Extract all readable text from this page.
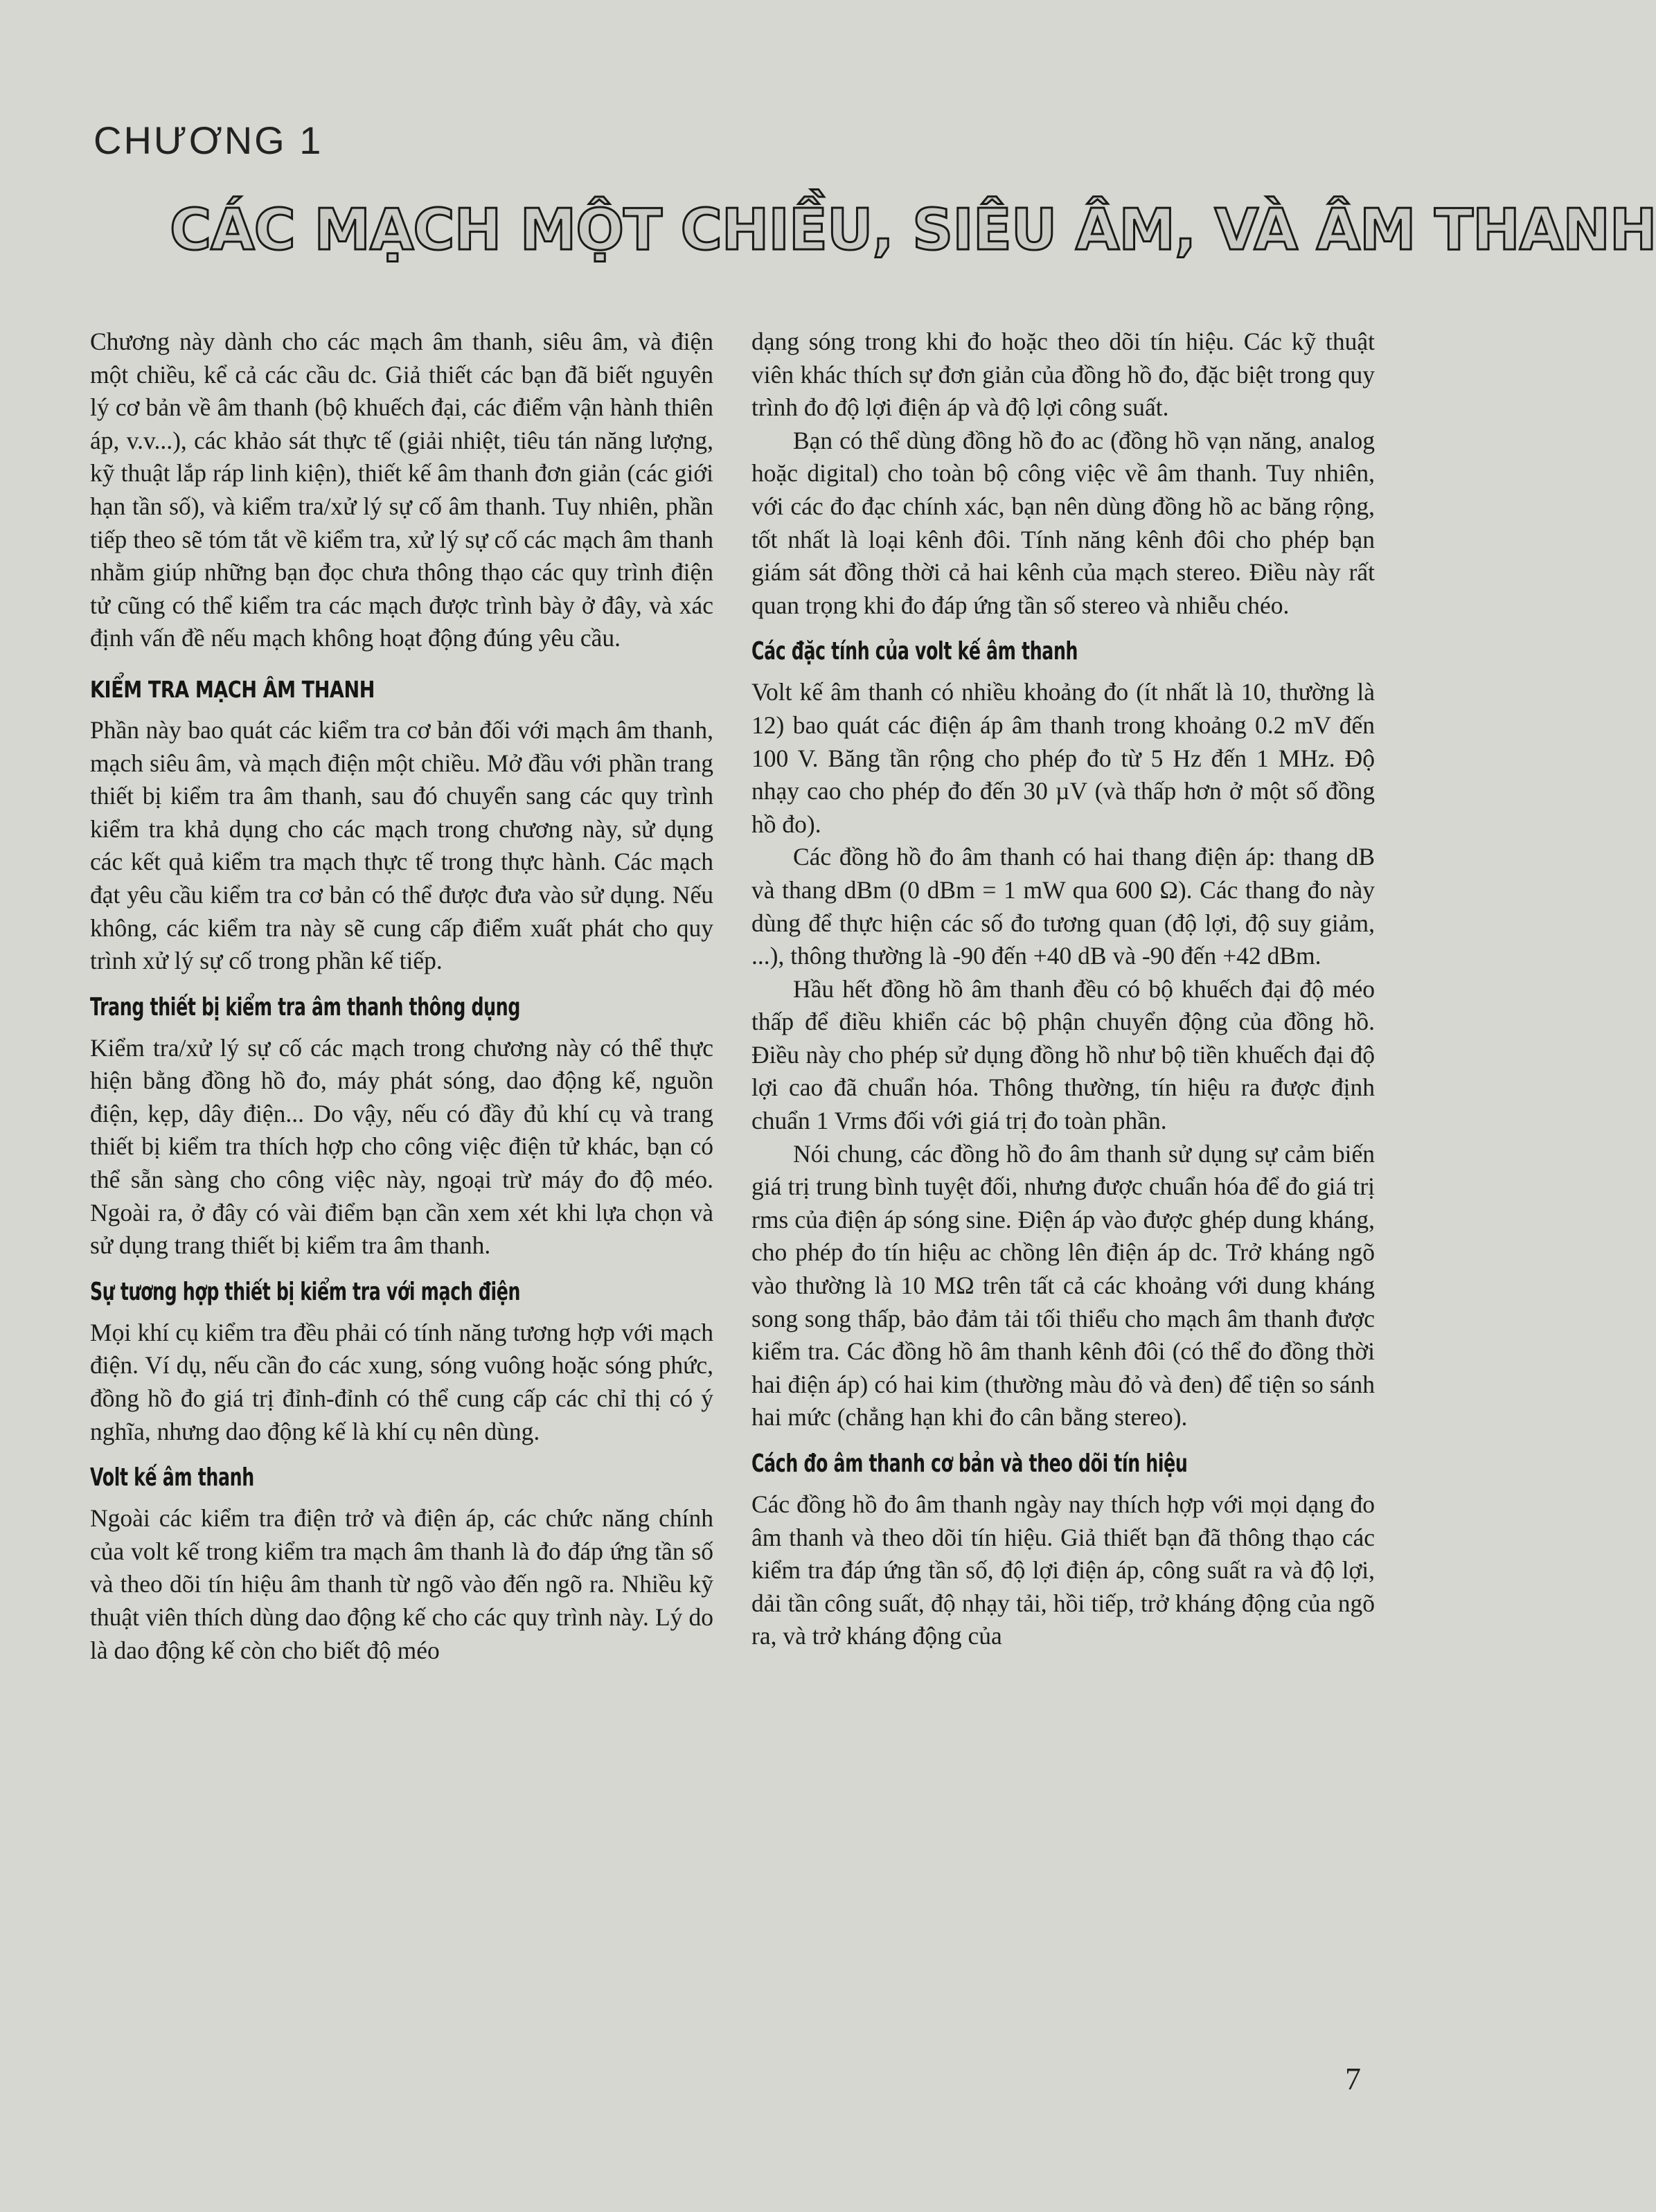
CHƯƠNG 1
CÁC MẠCH MỘT CHIỀU, SIÊU ÂM, VÀ ÂM THANH

Chương này dành cho các mạch âm thanh, siêu âm, và điện một chiều, kể cả các cầu dc. Giả thiết các bạn đã biết nguyên lý cơ bản về âm thanh (bộ khuếch đại, các điểm vận hành thiên áp, v.v...), các khảo sát thực tế (giải nhiệt, tiêu tán năng lượng, kỹ thuật lắp ráp linh kiện), thiết kế âm thanh đơn giản (các giới hạn tần số), và kiểm tra/xử lý sự cố âm thanh. Tuy nhiên, phần tiếp theo sẽ tóm tắt về kiểm tra, xử lý sự cố các mạch âm thanh nhằm giúp những bạn đọc chưa thông thạo các quy trình điện tử cũng có thể kiểm tra các mạch được trình bày ở đây, và xác định vấn đề nếu mạch không hoạt động đúng yêu cầu.

KIỂM TRA MẠCH ÂM THANH

Phần này bao quát các kiểm tra cơ bản đối với mạch âm thanh, mạch siêu âm, và mạch điện một chiều. Mở đầu với phần trang thiết bị kiểm tra âm thanh, sau đó chuyển sang các quy trình kiểm tra khả dụng cho các mạch trong chương này, sử dụng các kết quả kiểm tra mạch thực tế trong thực hành. Các mạch đạt yêu cầu kiểm tra cơ bản có thể được đưa vào sử dụng. Nếu không, các kiểm tra này sẽ cung cấp điểm xuất phát cho quy trình xử lý sự cố trong phần kế tiếp.

Trang thiết bị kiểm tra âm thanh thông dụng

Kiểm tra/xử lý sự cố các mạch trong chương này có thể thực hiện bằng đồng hồ đo, máy phát sóng, dao động kế, nguồn điện, kẹp, dây điện... Do vậy, nếu có đầy đủ khí cụ và trang thiết bị kiểm tra thích hợp cho công việc điện tử khác, bạn có thể sẵn sàng cho công việc này, ngoại trừ máy đo độ méo. Ngoài ra, ở đây có vài điểm bạn cần xem xét khi lựa chọn và sử dụng trang thiết bị kiểm tra âm thanh.

Sự tương hợp thiết bị kiểm tra với mạch điện

Mọi khí cụ kiểm tra đều phải có tính năng tương hợp với mạch điện. Ví dụ, nếu cần đo các xung, sóng vuông hoặc sóng phức, đồng hồ đo giá trị đỉnh-đỉnh có thể cung cấp các chỉ thị có ý nghĩa, nhưng dao động kế là khí cụ nên dùng.

Volt kế âm thanh

Ngoài các kiểm tra điện trở và điện áp, các chức năng chính của volt kế trong kiểm tra mạch âm thanh là đo đáp ứng tần số và theo dõi tín hiệu âm thanh từ ngõ vào đến ngõ ra. Nhiều kỹ thuật viên thích dùng dao động kế cho các quy trình này. Lý do là dao động kế còn cho biết độ méo

dạng sóng trong khi đo hoặc theo dõi tín hiệu. Các kỹ thuật viên khác thích sự đơn giản của đồng hồ đo, đặc biệt trong quy trình đo độ lợi điện áp và độ lợi công suất.

Bạn có thể dùng đồng hồ đo ac (đồng hồ vạn năng, analog hoặc digital) cho toàn bộ công việc về âm thanh. Tuy nhiên, với các đo đạc chính xác, bạn nên dùng đồng hồ ac băng rộng, tốt nhất là loại kênh đôi. Tính năng kênh đôi cho phép bạn giám sát đồng thời cả hai kênh của mạch stereo. Điều này rất quan trọng khi đo đáp ứng tần số stereo và nhiễu chéo.

Các đặc tính của volt kế âm thanh

Volt kế âm thanh có nhiều khoảng đo (ít nhất là 10, thường là 12) bao quát các điện áp âm thanh trong khoảng 0.2 mV đến 100 V. Băng tần rộng cho phép đo từ 5 Hz đến 1 MHz. Độ nhạy cao cho phép đo đến 30 µV (và thấp hơn ở một số đồng hồ đo).

Các đồng hồ đo âm thanh có hai thang điện áp: thang dB và thang dBm (0 dBm = 1 mW qua 600 Ω). Các thang đo này dùng để thực hiện các số đo tương quan (độ lợi, độ suy giảm, ...), thông thường là -90 đến +40 dB và -90 đến +42 dBm.

Hầu hết đồng hồ âm thanh đều có bộ khuếch đại độ méo thấp để điều khiển các bộ phận chuyển động của đồng hồ. Điều này cho phép sử dụng đồng hồ như bộ tiền khuếch đại độ lợi cao đã chuẩn hóa. Thông thường, tín hiệu ra được định chuẩn 1 Vrms đối với giá trị đo toàn phần.

Nói chung, các đồng hồ đo âm thanh sử dụng sự cảm biến giá trị trung bình tuyệt đối, nhưng được chuẩn hóa để đo giá trị rms của điện áp sóng sine. Điện áp vào được ghép dung kháng, cho phép đo tín hiệu ac chồng lên điện áp dc. Trở kháng ngõ vào thường là 10 MΩ trên tất cả các khoảng với dung kháng song song thấp, bảo đảm tải tối thiểu cho mạch âm thanh được kiểm tra. Các đồng hồ âm thanh kênh đôi (có thể đo đồng thời hai điện áp) có hai kim (thường màu đỏ và đen) để tiện so sánh hai mức (chẳng hạn khi đo cân bằng stereo).

Cách đo âm thanh cơ bản và theo dõi tín hiệu

Các đồng hồ đo âm thanh ngày nay thích hợp với mọi dạng đo âm thanh và theo dõi tín hiệu. Giả thiết bạn đã thông thạo các kiểm tra đáp ứng tần số, độ lợi điện áp, công suất ra và độ lợi, dải tần công suất, độ nhạy tải, hồi tiếp, trở kháng động của ngõ ra, và trở kháng động của

7
